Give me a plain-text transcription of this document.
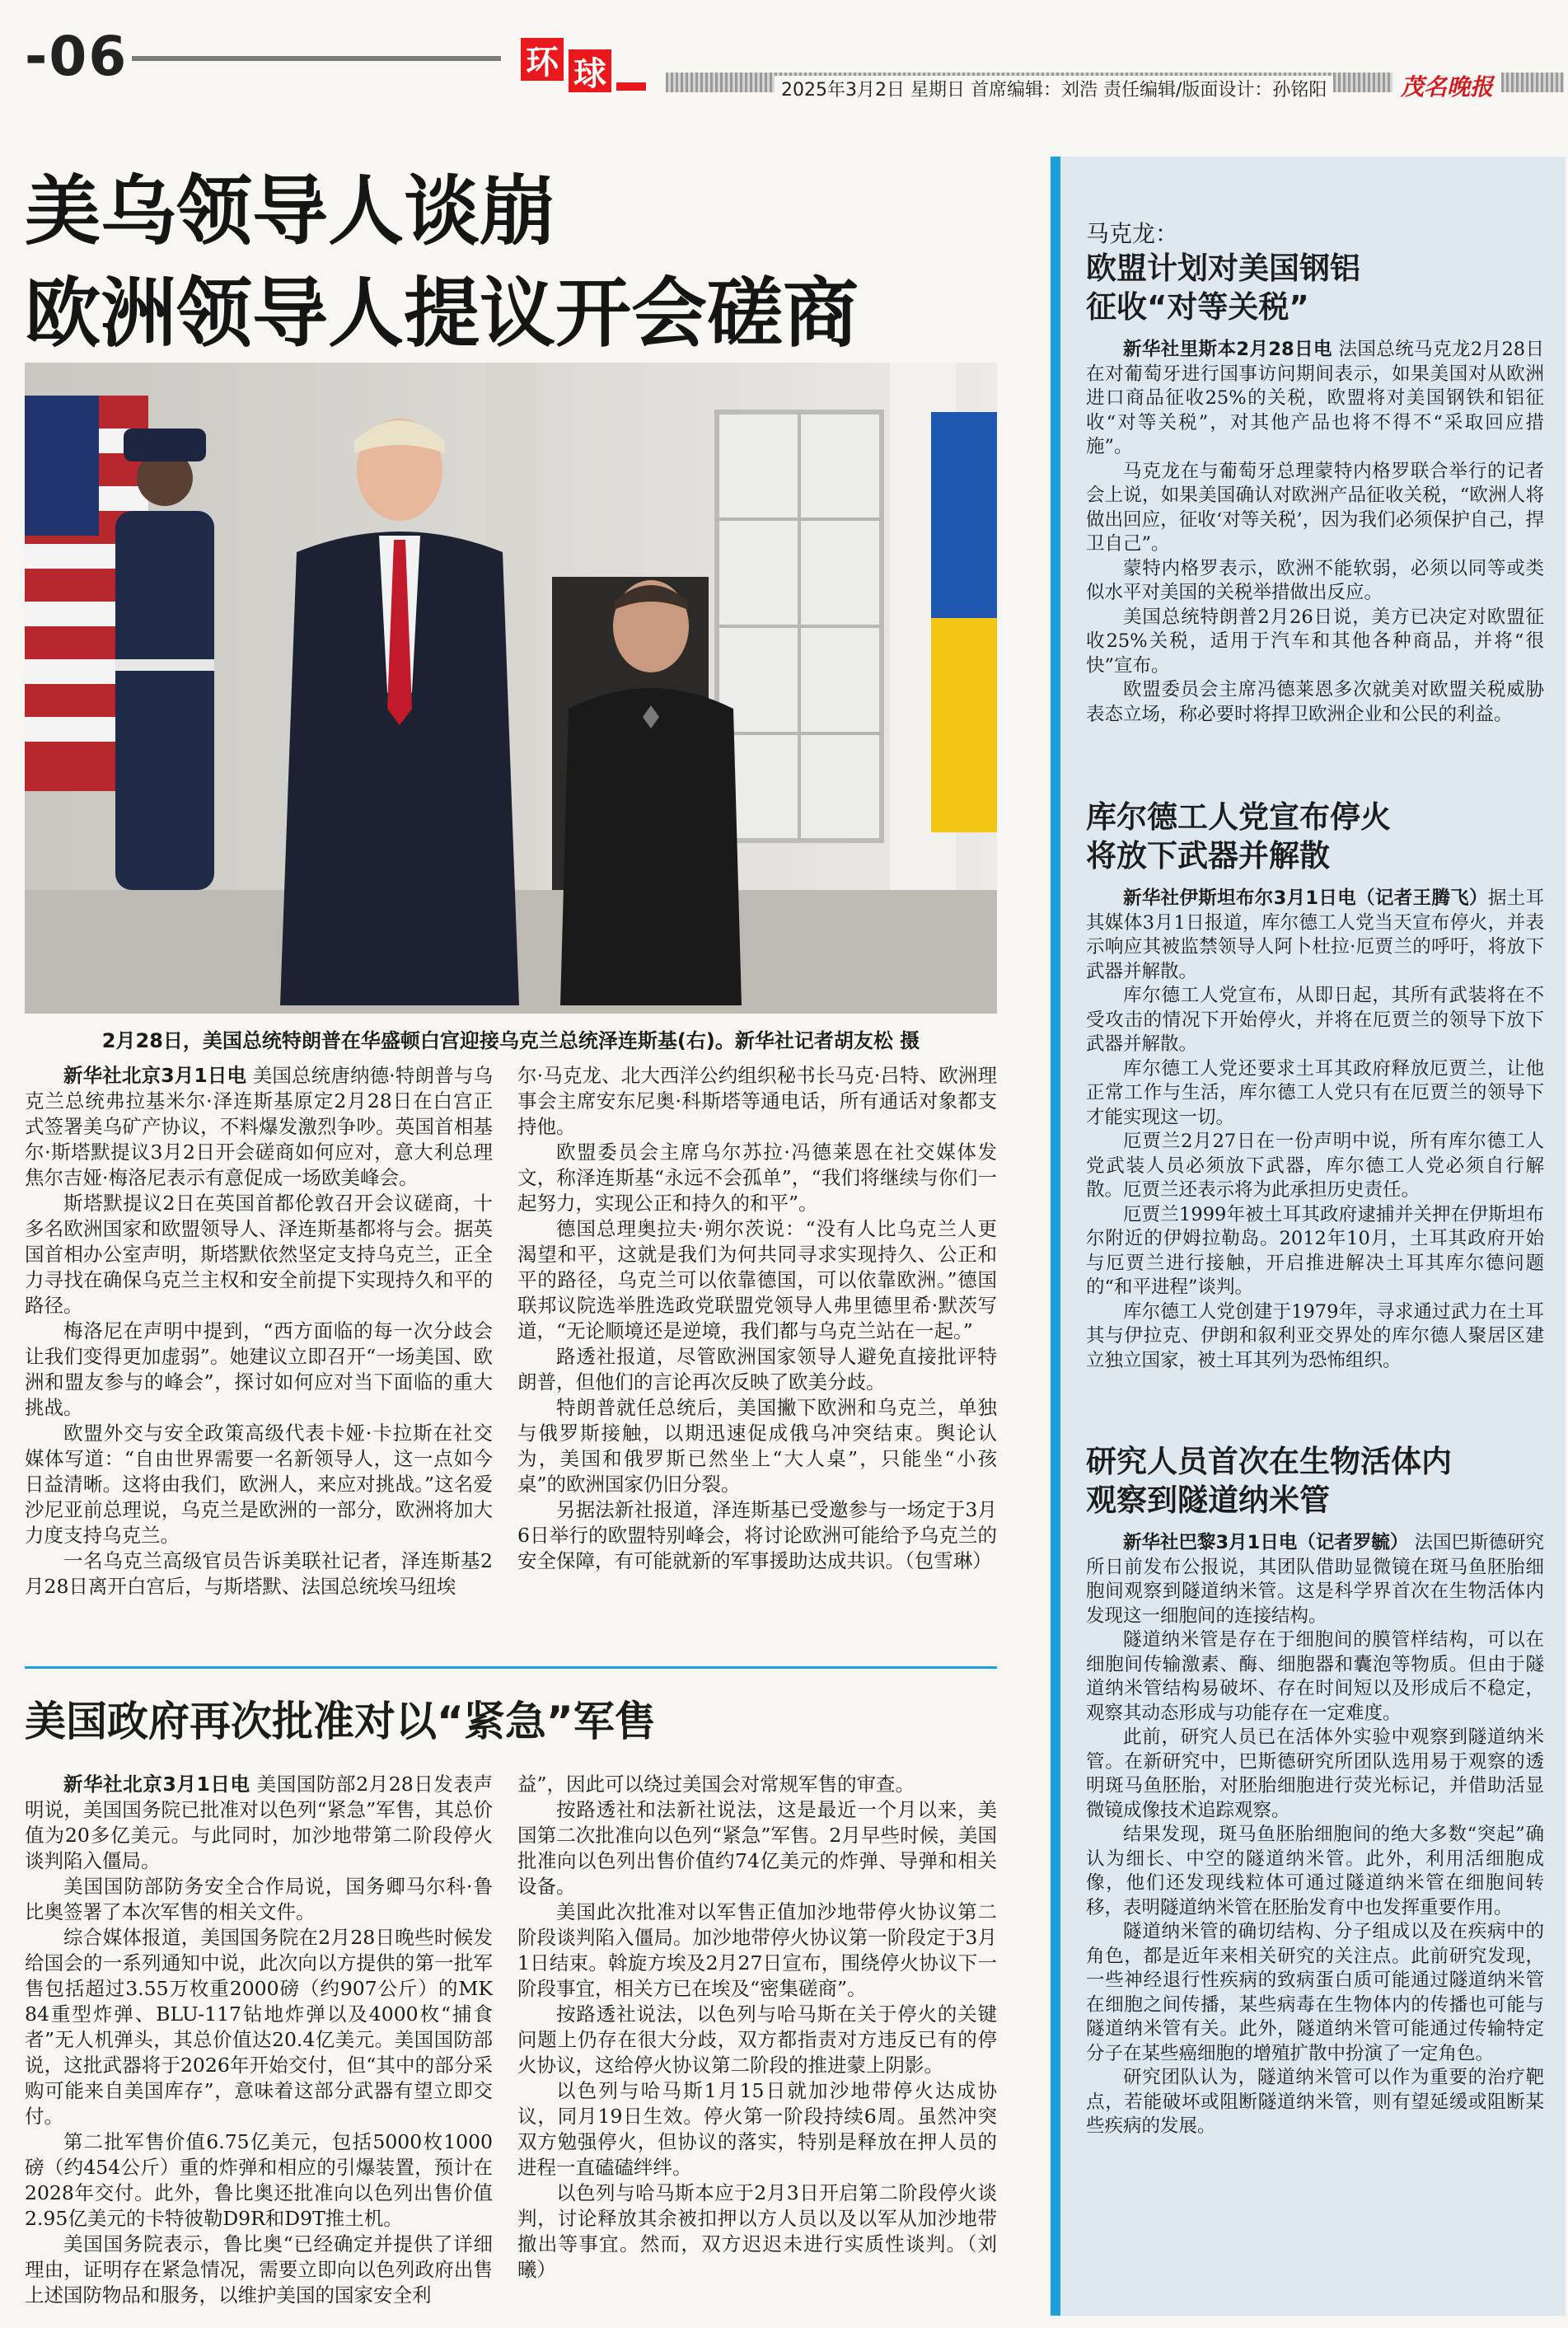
-06	环 球	2025年3月2日 星期日 首席编辑：刘浩 责任编辑/版面设计：孙铭阳	茂名晚报
美乌领导人谈崩
欧洲领导人提议开会磋商
2月28日，美国总统特朗普在华盛顿白宫迎接乌克兰总统泽连斯基(右)。新华社记者胡友松 摄

新华社北京3月1日电 美国总统唐纳德·特朗普与乌克兰总统弗拉基米尔·泽连斯基原定2月28日在白宫正式签署美乌矿产协议，不料爆发激烈争吵。英国首相基尔·斯塔默提议3月2日开会磋商如何应对，意大利总理焦尔吉娅·梅洛尼表示有意促成一场欧美峰会。

斯塔默提议2日在英国首都伦敦召开会议磋商，十多名欧洲国家和欧盟领导人、泽连斯基都将与会。据英国首相办公室声明，斯塔默依然坚定支持乌克兰，正全力寻找在确保乌克兰主权和安全前提下实现持久和平的路径。

梅洛尼在声明中提到，“西方面临的每一次分歧会让我们变得更加虚弱”。她建议立即召开“一场美国、欧洲和盟友参与的峰会”，探讨如何应对当下面临的重大挑战。

欧盟外交与安全政策高级代表卡娅·卡拉斯在社交媒体写道：“自由世界需要一名新领导人，这一点如今日益清晰。这将由我们，欧洲人，来应对挑战。”这名爱沙尼亚前总理说，乌克兰是欧洲的一部分，欧洲将加大力度支持乌克兰。

一名乌克兰高级官员告诉美联社记者，泽连斯基2月28日离开白宫后，与斯塔默、法国总统埃马纽埃

尔·马克龙、北大西洋公约组织秘书长马克·吕特、欧洲理事会主席安东尼奥·科斯塔等通电话，所有通话对象都支持他。

欧盟委员会主席乌尔苏拉·冯德莱恩在社交媒体发文，称泽连斯基“永远不会孤单”，“我们将继续与你们一起努力，实现公正和持久的和平”。

德国总理奥拉夫·朔尔茨说：“没有人比乌克兰人更渴望和平，这就是我们为何共同寻求实现持久、公正和平的路径，乌克兰可以依靠德国，可以依靠欧洲。”德国联邦议院选举胜选政党联盟党领导人弗里德里希·默茨写道，“无论顺境还是逆境，我们都与乌克兰站在一起。”

路透社报道，尽管欧洲国家领导人避免直接批评特朗普，但他们的言论再次反映了欧美分歧。

特朗普就任总统后，美国撇下欧洲和乌克兰，单独与俄罗斯接触，以期迅速促成俄乌冲突结束。舆论认为，美国和俄罗斯已然坐上“大人桌”，只能坐“小孩桌”的欧洲国家仍旧分裂。

另据法新社报道，泽连斯基已受邀参与一场定于3月6日举行的欧盟特别峰会，将讨论欧洲可能给予乌克兰的安全保障，有可能就新的军事援助达成共识。（包雪琳）

美国政府再次批准对以“紧急”军售

新华社北京3月1日电 美国国防部2月28日发表声明说，美国国务院已批准对以色列“紧急”军售，其总价值为20多亿美元。与此同时，加沙地带第二阶段停火谈判陷入僵局。

美国国防部防务安全合作局说，国务卿马尔科·鲁比奥签署了本次军售的相关文件。

综合媒体报道，美国国务院在2月28日晚些时候发给国会的一系列通知中说，此次向以方提供的第一批军售包括超过3.55万枚重2000磅（约907公斤）的MK 84重型炸弹、BLU-117钻地炸弹以及4000枚“捕食者”无人机弹头，其总价值达20.4亿美元。美国国防部说，这批武器将于2026年开始交付，但“其中的部分采购可能来自美国库存”，意味着这部分武器有望立即交付。

第二批军售价值6.75亿美元，包括5000枚1000磅（约454公斤）重的炸弹和相应的引爆装置，预计在2028年交付。此外，鲁比奥还批准向以色列出售价值2.95亿美元的卡特彼勒D9R和D9T推土机。

美国国务院表示，鲁比奥“已经确定并提供了详细理由，证明存在紧急情况，需要立即向以色列政府出售上述国防物品和服务，以维护美国的国家安全利

益”，因此可以绕过美国会对常规军售的审查。

按路透社和法新社说法，这是最近一个月以来，美国第二次批准向以色列“紧急”军售。2月早些时候，美国批准向以色列出售价值约74亿美元的炸弹、导弹和相关设备。

美国此次批准对以军售正值加沙地带停火协议第二阶段谈判陷入僵局。加沙地带停火协议第一阶段定于3月1日结束。斡旋方埃及2月27日宣布，围绕停火协议下一阶段事宜，相关方已在埃及“密集磋商”。

按路透社说法，以色列与哈马斯在关于停火的关键问题上仍存在很大分歧，双方都指责对方违反已有的停火协议，这给停火协议第二阶段的推进蒙上阴影。

以色列与哈马斯1月15日就加沙地带停火达成协议，同月19日生效。停火第一阶段持续6周。虽然冲突双方勉强停火，但协议的落实，特别是释放在押人员的进程一直磕磕绊绊。

以色列与哈马斯本应于2月3日开启第二阶段停火谈判，讨论释放其余被扣押以方人员以及以军从加沙地带撤出等事宜。然而，双方迟迟未进行实质性谈判。（刘曦）

马克龙：

欧盟计划对美国钢铝

征收“对等关税”

新华社里斯本2月28日电 法国总统马克龙2月28日在对葡萄牙进行国事访问期间表示，如果美国对从欧洲进口商品征收25%的关税，欧盟将对美国钢铁和铝征收“对等关税”，对其他产品也将不得不“采取回应措施”。

马克龙在与葡萄牙总理蒙特内格罗联合举行的记者会上说，如果美国确认对欧洲产品征收关税，“欧洲人将做出回应，征收‘对等关税’，因为我们必须保护自己，捍卫自己”。

蒙特内格罗表示，欧洲不能软弱，必须以同等或类似水平对美国的关税举措做出反应。

美国总统特朗普2月26日说，美方已决定对欧盟征收25%关税，适用于汽车和其他各种商品，并将“很快”宣布。

欧盟委员会主席冯德莱恩多次就美对欧盟关税威胁表态立场，称必要时将捍卫欧洲企业和公民的利益。

库尔德工人党宣布停火

将放下武器并解散

新华社伊斯坦布尔3月1日电（记者王腾飞）据土耳其媒体3月1日报道，库尔德工人党当天宣布停火，并表示响应其被监禁领导人阿卜杜拉·厄贾兰的呼吁，将放下武器并解散。

库尔德工人党宣布，从即日起，其所有武装将在不受攻击的情况下开始停火，并将在厄贾兰的领导下放下武器并解散。

库尔德工人党还要求土耳其政府释放厄贾兰，让他正常工作与生活，库尔德工人党只有在厄贾兰的领导下才能实现这一切。

厄贾兰2月27日在一份声明中说，所有库尔德工人党武装人员必须放下武器，库尔德工人党必须自行解散。厄贾兰还表示将为此承担历史责任。

厄贾兰1999年被土耳其政府逮捕并关押在伊斯坦布尔附近的伊姆拉勒岛。2012年10月，土耳其政府开始与厄贾兰进行接触，开启推进解决土耳其库尔德问题的“和平进程”谈判。

库尔德工人党创建于1979年，寻求通过武力在土耳其与伊拉克、伊朗和叙利亚交界处的库尔德人聚居区建立独立国家，被土耳其列为恐怖组织。

研究人员首次在生物活体内

观察到隧道纳米管

新华社巴黎3月1日电（记者罗毓） 法国巴斯德研究所日前发布公报说，其团队借助显微镜在斑马鱼胚胎细胞间观察到隧道纳米管。这是科学界首次在生物活体内发现这一细胞间的连接结构。

隧道纳米管是存在于细胞间的膜管样结构，可以在细胞间传输激素、酶、细胞器和囊泡等物质。但由于隧道纳米管结构易破坏、存在时间短以及形成后不稳定，观察其动态形成与功能存在一定难度。

此前，研究人员已在活体外实验中观察到隧道纳米管。在新研究中，巴斯德研究所团队选用易于观察的透明斑马鱼胚胎，对胚胎细胞进行荧光标记，并借助活显微镜成像技术追踪观察。

结果发现，斑马鱼胚胎细胞间的绝大多数“突起”确认为细长、中空的隧道纳米管。此外，利用活细胞成像，他们还发现线粒体可通过隧道纳米管在细胞间转移，表明隧道纳米管在胚胎发育中也发挥重要作用。

隧道纳米管的确切结构、分子组成以及在疾病中的角色，都是近年来相关研究的关注点。此前研究发现，一些神经退行性疾病的致病蛋白质可能通过隧道纳米管在细胞之间传播，某些病毒在生物体内的传播也可能与隧道纳米管有关。此外，隧道纳米管可能通过传输特定分子在某些癌细胞的增殖扩散中扮演了一定角色。

研究团队认为，隧道纳米管可以作为重要的治疗靶点，若能破坏或阻断隧道纳米管，则有望延缓或阻断某些疾病的发展。
